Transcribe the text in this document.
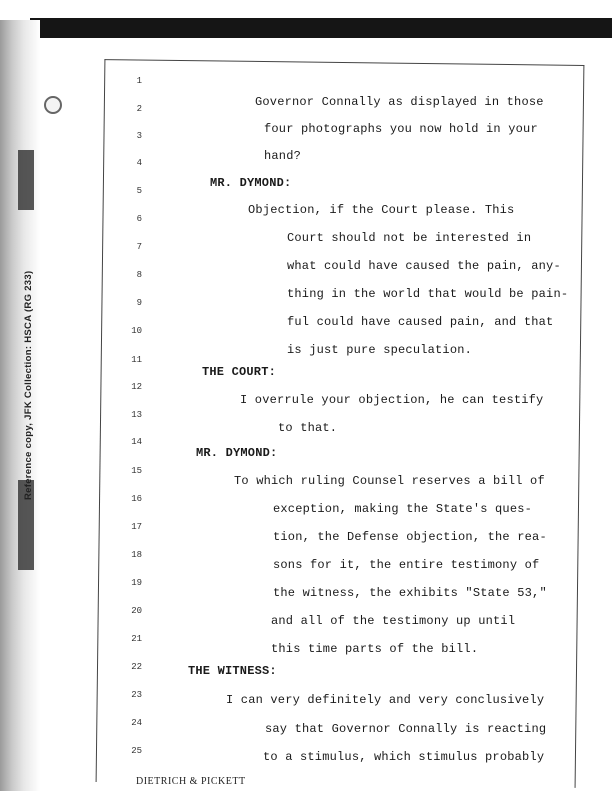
Reference copy, JFK Collection: HSCA (RG 233)
1
2
3
4
5
6
7
8
9
10
11
12
13
14
15
16
17
18
19
20
21
22
23
24
25
Governor Connally as displayed in those
four photographs you now hold in your
hand?
MR. DYMOND:
Objection, if the Court please. This
Court should not be interested in
what could have caused the pain, any-
thing in the world that would be pain-
ful could have caused pain, and that
is just pure speculation.
THE COURT:
I overrule your objection, he can testify
to that.
MR. DYMOND:
To which ruling Counsel reserves a bill of
exception, making the State's ques-
tion, the Defense objection, the rea-
sons for it, the entire testimony of
the witness, the exhibits "State 53,"
and all of the testimony up until
this time parts of the bill.
THE WITNESS:
I can very definitely and very conclusively
say that Governor Connally is reacting
to a stimulus, which stimulus probably
DIETRICH & PICKETT
